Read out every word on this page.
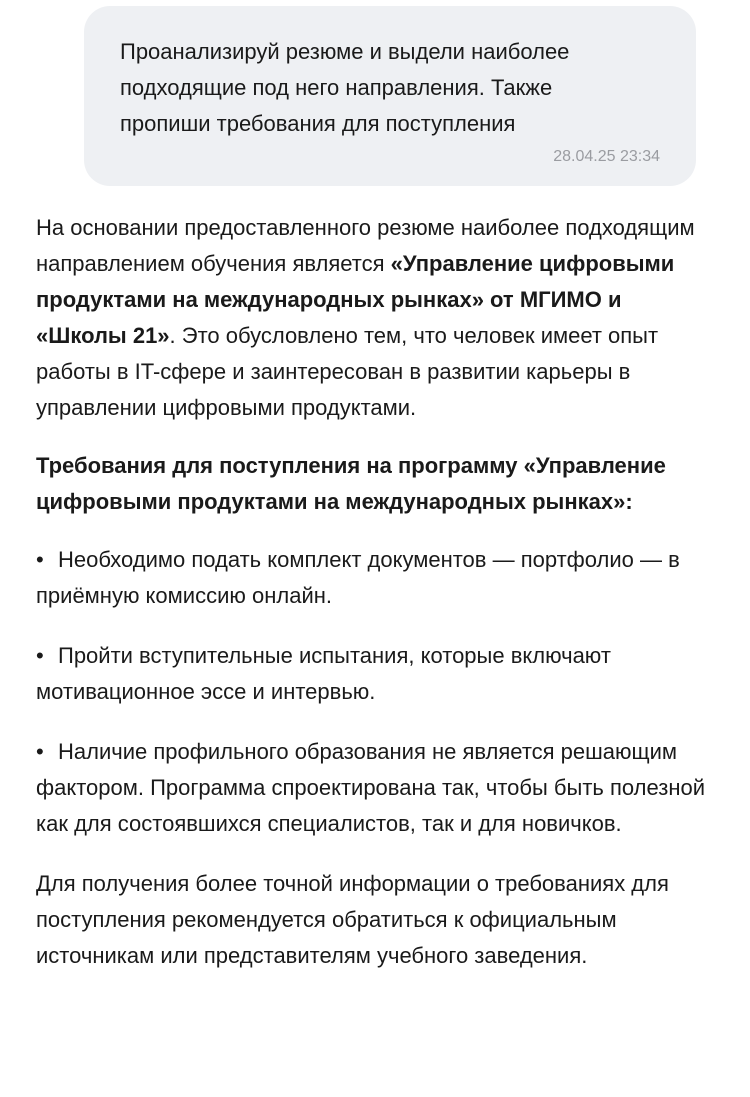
Проанализируй резюме и выдели наиболее
подходящие под него направления. Также
пропиши требования для поступления

28.04.25 23:34

На основании предоставленного резюме наиболее подходящим направлением обучения является «Управление цифровыми продуктами на международных рынках» от МГИМО и «Школы 21». Это обусловлено тем, что человек имеет опыт работы в IT-сфере и заинтересован в развитии карьеры в управлении цифровыми продуктами.

Требования для поступления на программу «Управление цифровыми продуктами на международных рынках»:

• Необходимо подать комплект документов — портфолио — в приёмную комиссию онлайн.
• Пройти вступительные испытания, которые включают мотивационное эссе и интервью.
• Наличие профильного образования не является решающим фактором. Программа спроектирована так, чтобы быть полезной как для состоявшихся специалистов, так и для новичков.

Для получения более точной информации о требованиях для поступления рекомендуется обратиться к официальным источникам или представителям учебного заведения.
